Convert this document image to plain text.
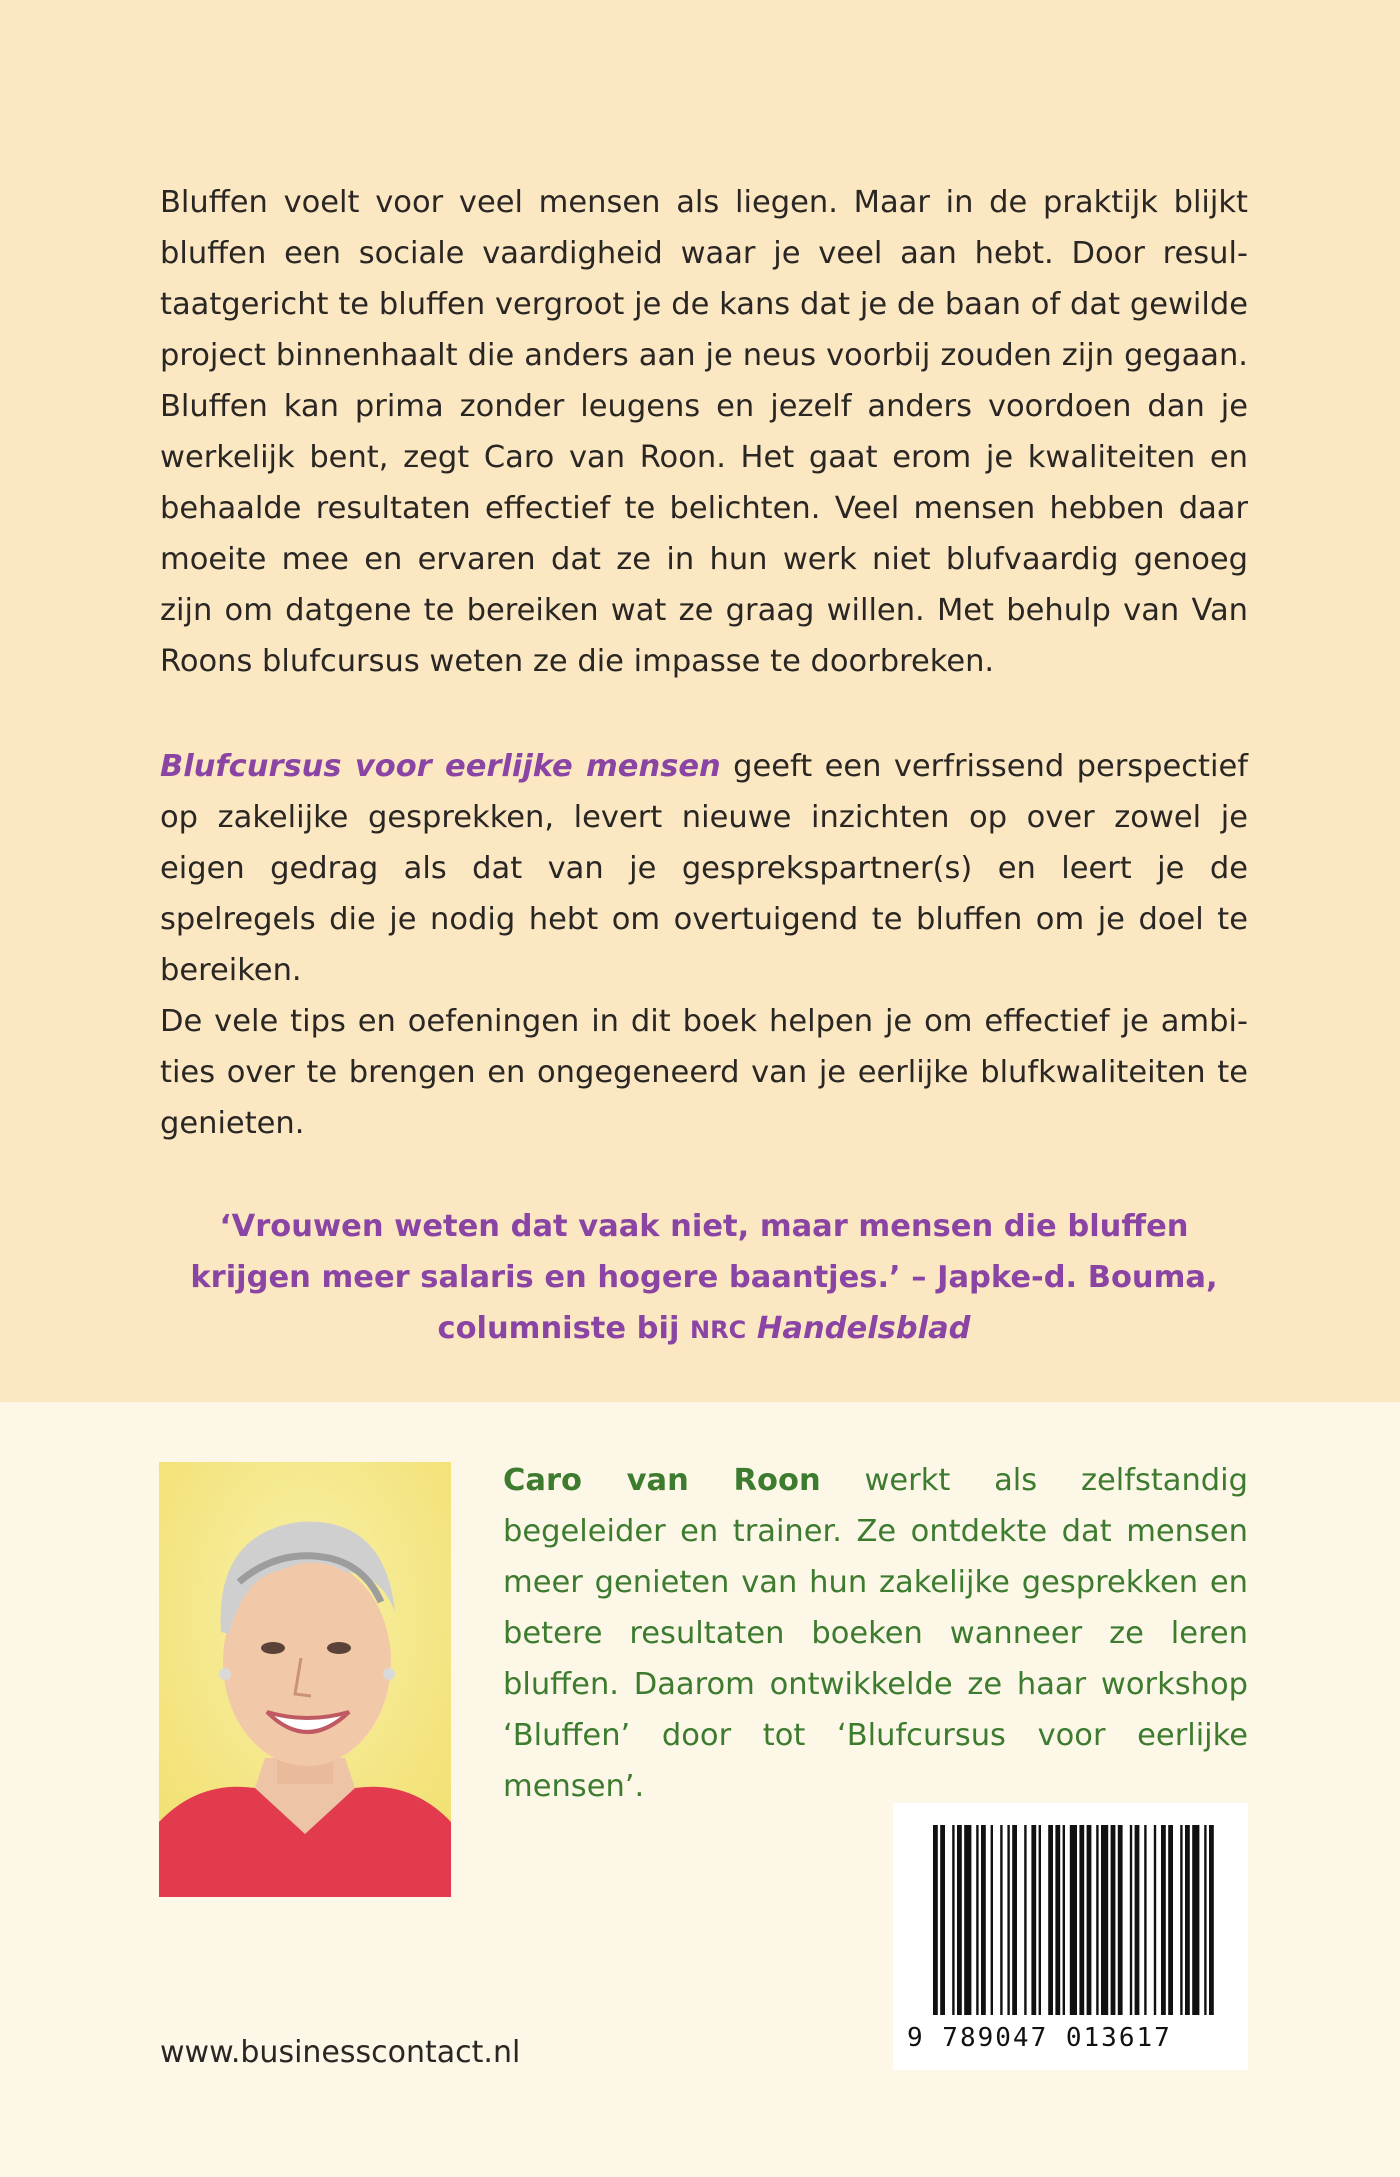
Bluffen voelt voor veel mensen als liegen. Maar in de praktijk blijkt bluffen een sociale vaardigheid waar je veel aan hebt. Door resultaatgericht te bluffen vergroot je de kans dat je de baan of dat gewilde project binnenhaalt die anders aan je neus voorbij zouden zijn gegaan. Bluffen kan prima zonder leugens en jezelf anders voordoen dan je werkelijk bent, zegt Caro van Roon. Het gaat erom je kwaliteiten en behaalde resultaten effectief te belichten. Veel mensen hebben daar moeite mee en ervaren dat ze in hun werk niet blufvaardig genoeg zijn om datgene te bereiken wat ze graag willen. Met behulp van Van Roons blufcursus weten ze die impasse te doorbreken.

Blufcursus voor eerlijke mensen geeft een verfrissend perspectief op zakelijke gesprekken, levert nieuwe inzichten op over zowel je eigen gedrag als dat van je gesprekspartner(s) en leert je de spelregels die je nodig hebt om overtuigend te bluffen om je doel te bereiken.

De vele tips en oefeningen in dit boek helpen je om effectief je ambities over te brengen en ongegeneerd van je eerlijke blufkwaliteiten te genieten.

‘Vrouwen weten dat vaak niet, maar mensen die bluffen krijgen meer salaris en hogere baantjes.’ – Japke-d. Bouma, columniste bij NRC Handelsblad

Caro van Roon werkt als zelfstandig begeleider en trainer. Ze ontdekte dat mensen meer genieten van hun zakelijke gesprekken en betere resultaten boeken wanneer ze leren bluffen. Daarom ontwikkelde ze haar workshop ‘Bluffen’ door tot ‘Blufcursus voor eerlijke mensen’.

9 789047 013617
www.businesscontact.nl
